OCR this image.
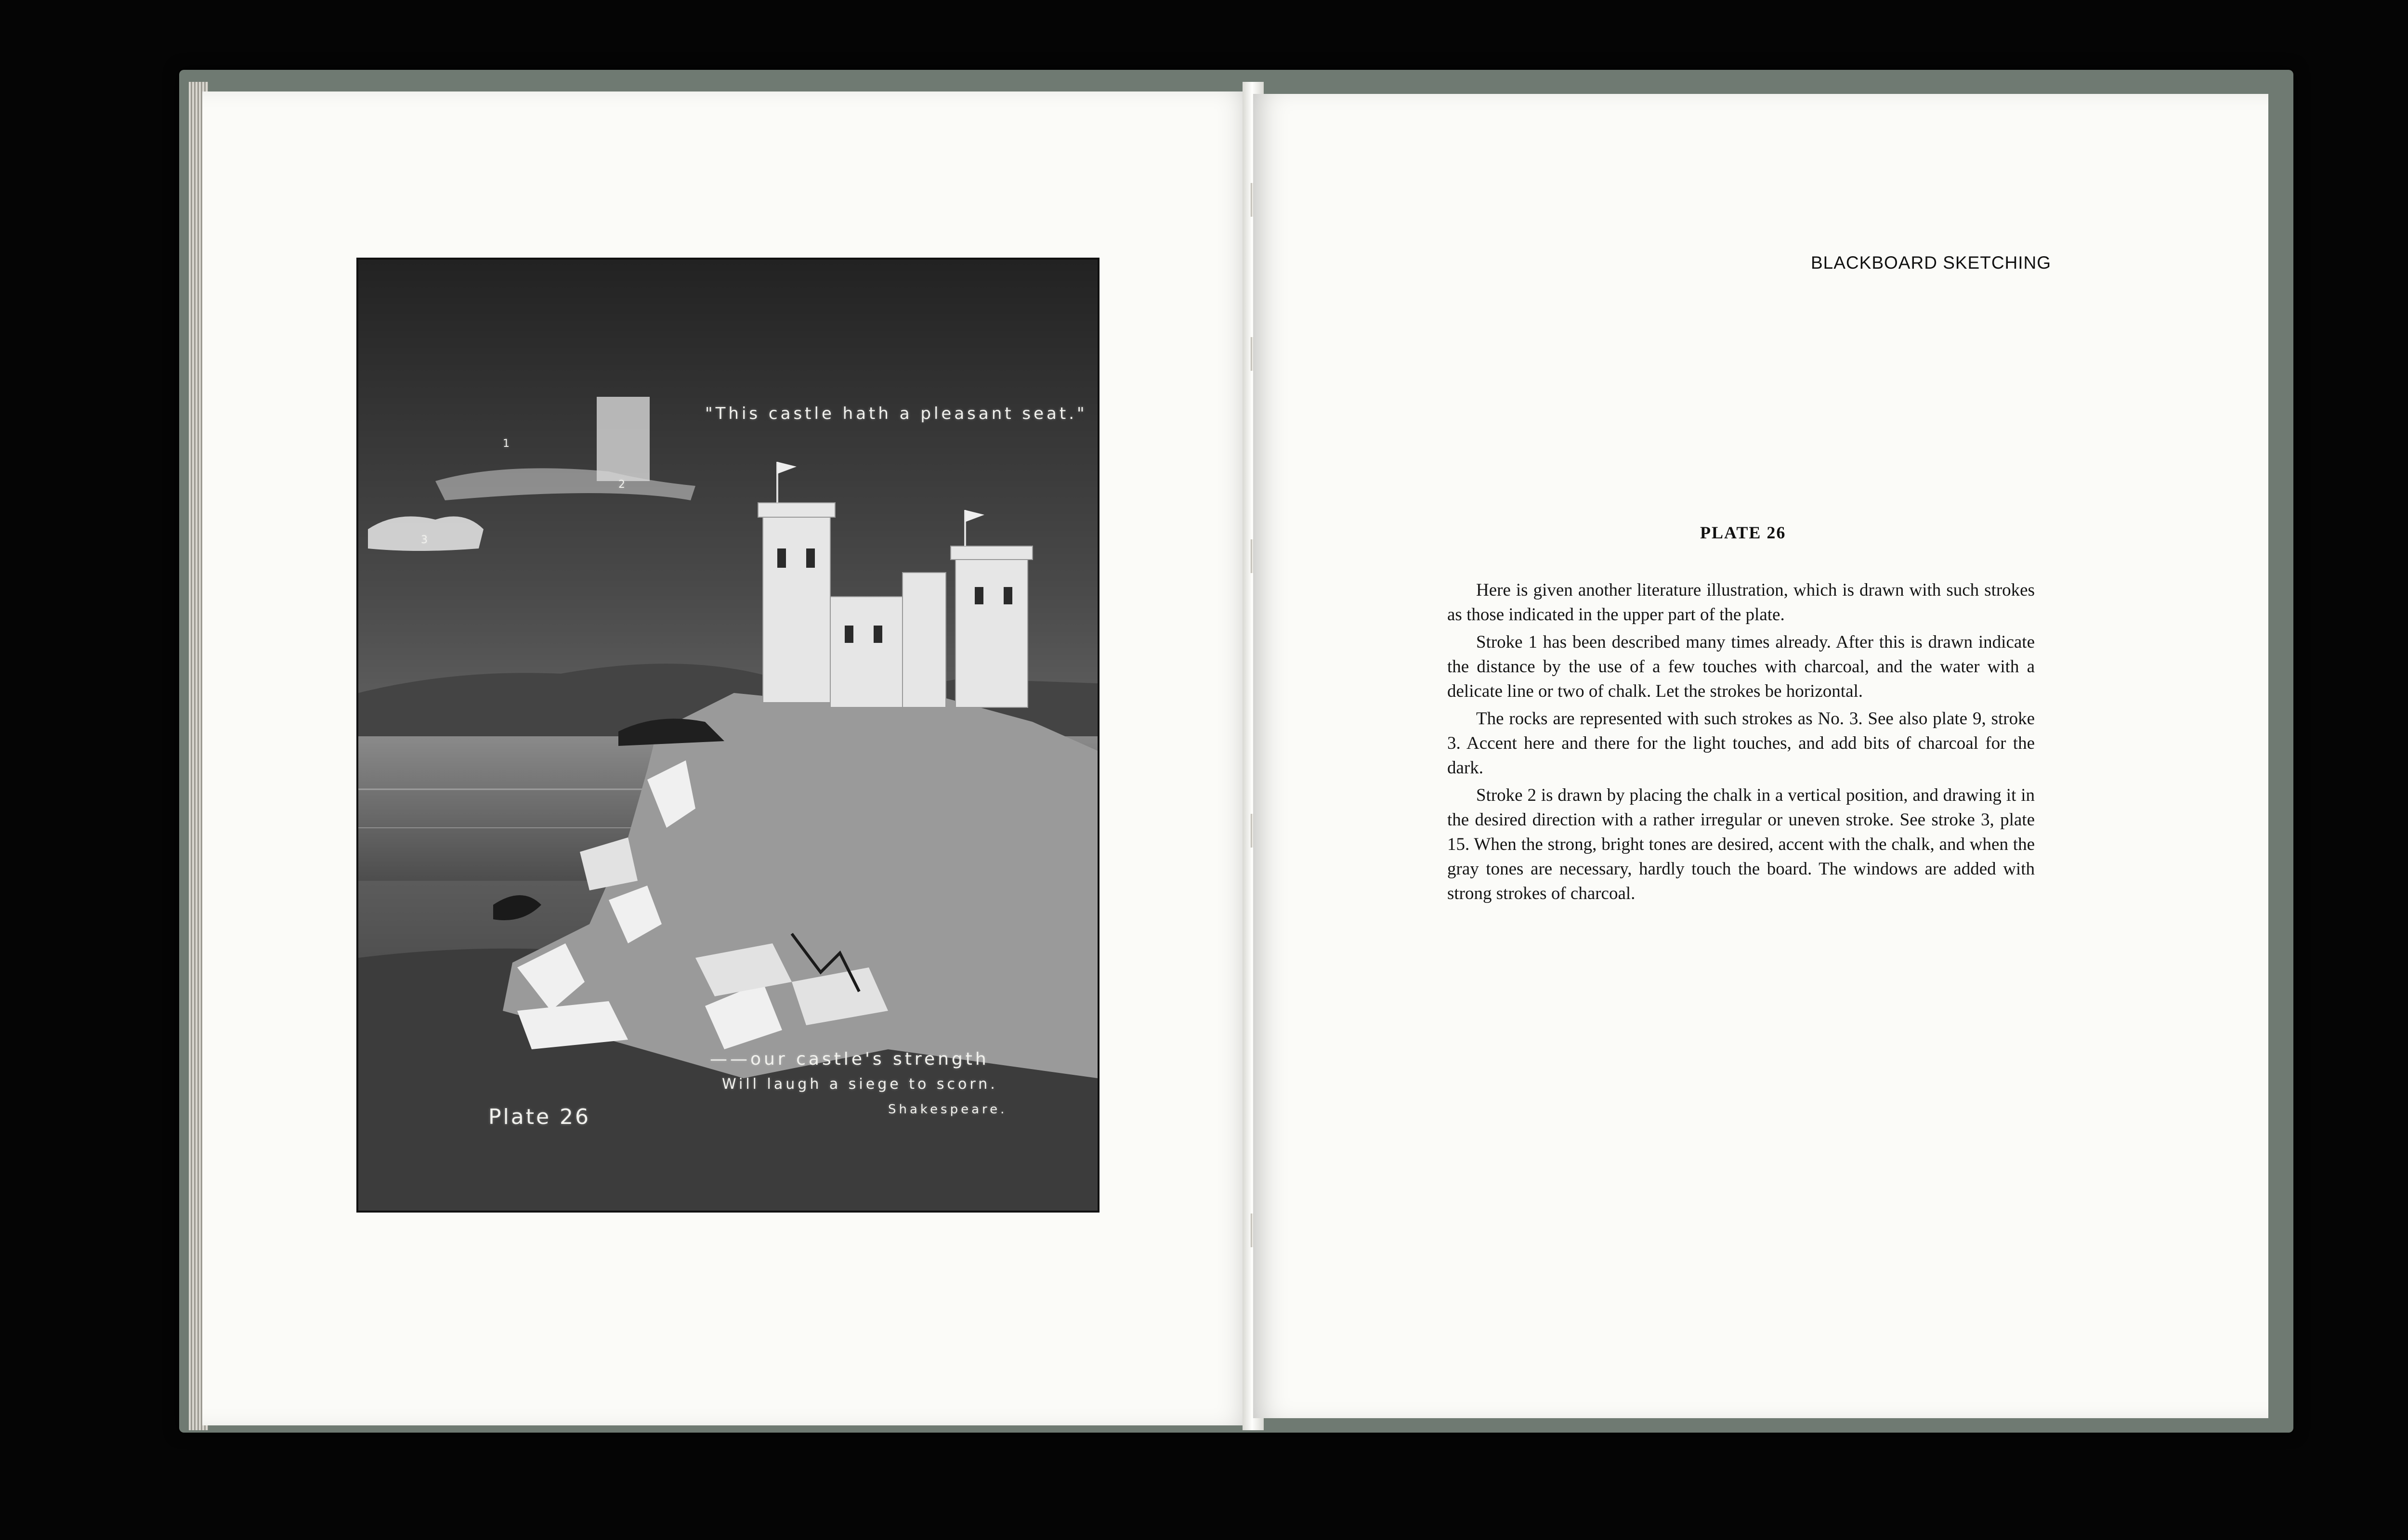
"This castle hath a pleasant seat."
1
2
3
——our castle's strength
Will laugh a siege to scorn.
Shakespeare.
Plate 26
BLACKBOARD SKETCHING
PLATE 26

Here is given another literature illustration, which is drawn with such strokes as those indicated in the upper part of the plate.

Stroke 1 has been described many times already. After this is drawn indicate the distance by the use of a few touches with charcoal, and the water with a delicate line or two of chalk. Let the strokes be horizontal.

The rocks are represented with such strokes as No. 3. See also plate 9, stroke 3. Accent here and there for the light touches, and add bits of charcoal for the dark.

Stroke 2 is drawn by placing the chalk in a vertical position, and drawing it in the desired direction with a rather irregular or uneven stroke. See stroke 3, plate 15. When the strong, bright tones are desired, accent with the chalk, and when the gray tones are necessary, hardly touch the board. The windows are added with strong strokes of charcoal.
